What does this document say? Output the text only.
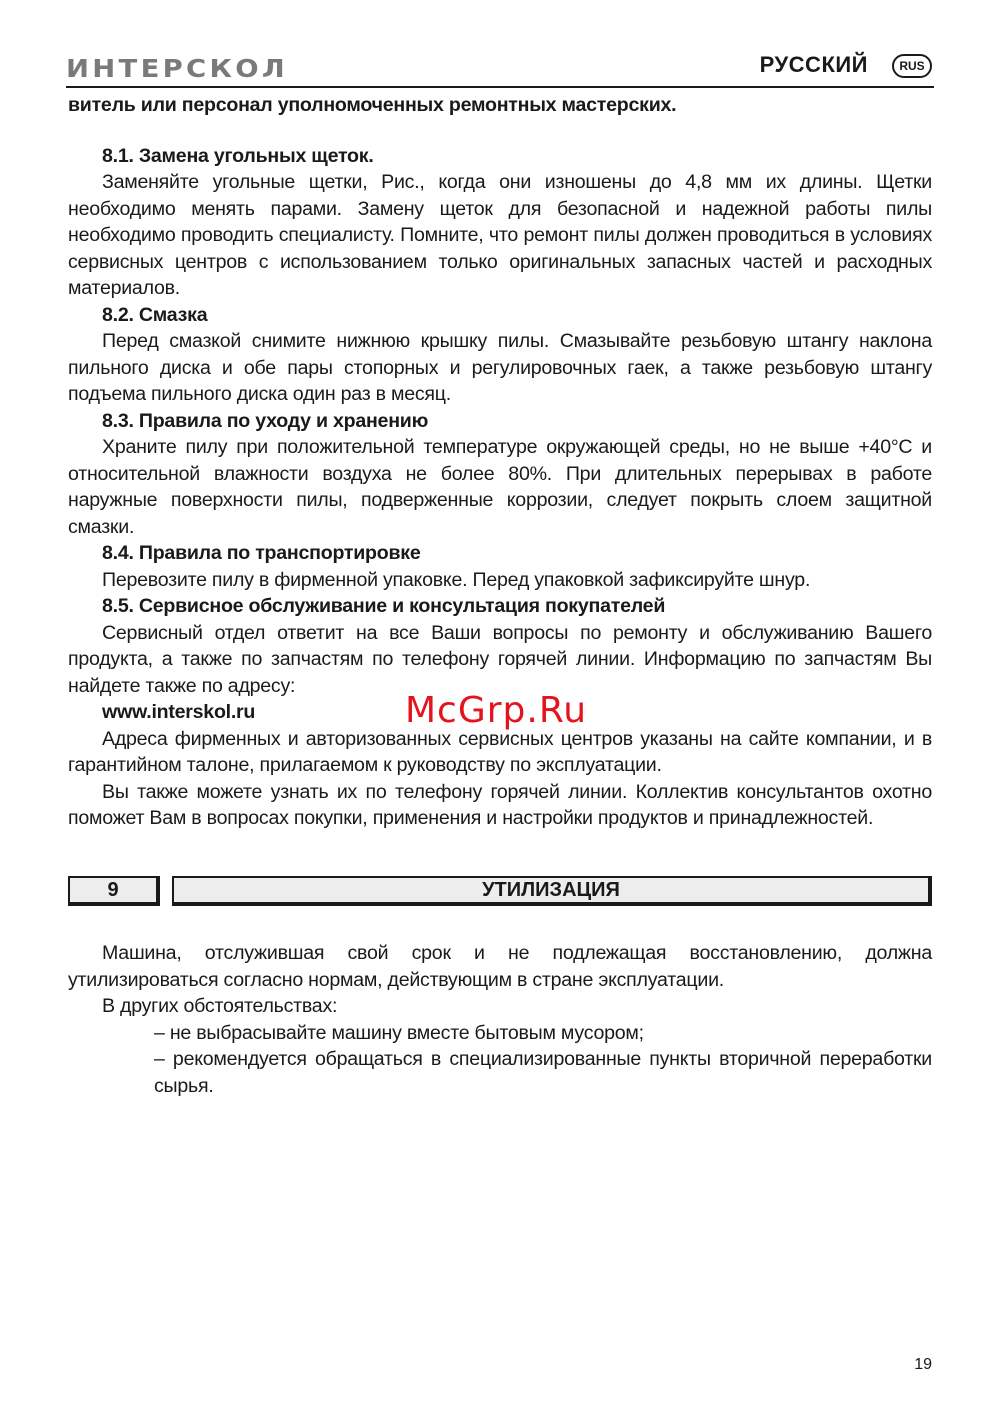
ИНТЕРСКОЛ	РУССКИЙ	RUS

витель или персонал уполномоченных ремонтных мастерских.

8.1. Замена угольных щеток.

Заменяйте угольные щетки, Рис., когда они изношены до 4,8 мм их длины. Щетки необходимо менять парами. Замену щеток для безопасной и надежной работы пилы необходимо проводить специалисту. Помните, что ремонт пилы должен проводиться в условиях сервисных центров с использованием только оригинальных запасных частей и расходных материалов.

8.2. Смазка

Перед смазкой снимите нижнюю крышку пилы. Смазывайте резьбовую штангу наклона пильного диска и обе пары стопорных и регулировочных гаек, а также резьбовую штангу подъема пильного диска один раз в месяц.

8.3. Правила по уходу и хранению

Храните пилу при положительной температуре окружающей среды, но не выше +40°C и относительной влажности воздуха не более 80%. При длительных перерывах в работе наружные поверхности пилы, подверженные коррозии, следует покрыть слоем защитной смазки.

8.4. Правила по транспортировке

Перевозите пилу в фирменной упаковке. Перед упаковкой зафиксируйте шнур.

8.5. Сервисное обслуживание и консультация покупателей

Сервисный отдел ответит на все Ваши вопросы по ремонту и обслуживанию Вашего продукта, а также по запчастям по телефону горячей линии. Информацию по запчастям Вы найдете также по адресу:

www.interskol.ru

Адреса фирменных и авторизованных сервисных центров указаны на сайте компании, и в гарантийном талоне, прилагаемом к руководству по эксплуатации.

Вы также можете узнать их по телефону горячей линии. Коллектив консультантов охотно поможет Вам в вопросах покупки, применения и настройки продуктов и принадлежностей.

9	УТИЛИЗАЦИЯ

Машина, отслужившая свой срок и не подлежащая восстановлению, должна утилизироваться согласно нормам, действующим в стране эксплуатации.

В других обстоятельствах:

– не выбрасывайте машину вместе бытовым мусором;

– рекомендуется обращаться в специализированные пункты вторичной переработки сырья.

McGrp.Ru
19
